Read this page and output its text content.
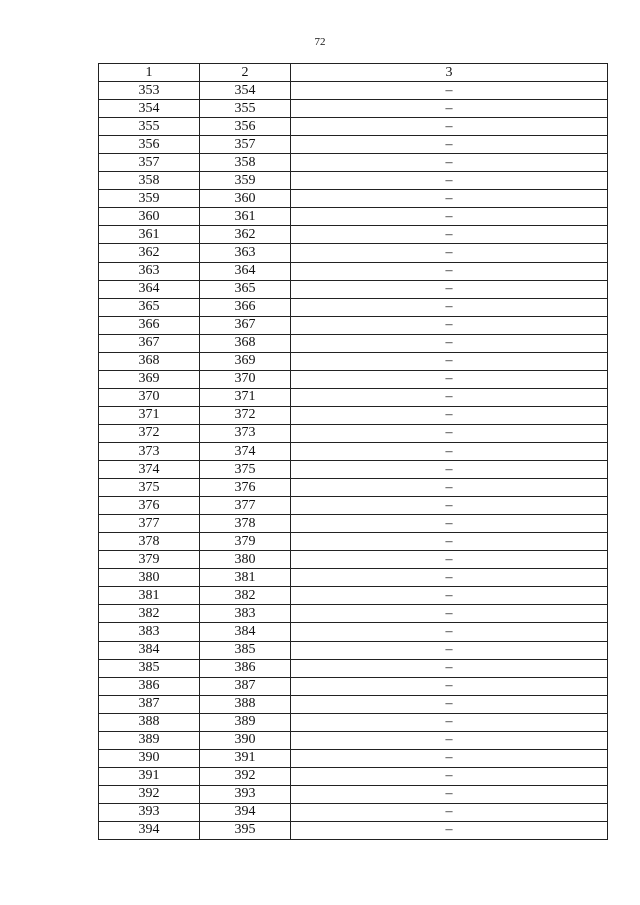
72
1	2	3
353	354	–
354	355	–
355	356	–
356	357	–
357	358	–
358	359	–
359	360	–
360	361	–
361	362	–
362	363	–
363	364	–
364	365	–
365	366	–
366	367	–
367	368	–
368	369	–
369	370	–
370	371	–
371	372	–
372	373	–
373	374	–
374	375	–
375	376	–
376	377	–
377	378	–
378	379	–
379	380	–
380	381	–
381	382	–
382	383	–
383	384	–
384	385	–
385	386	–
386	387	–
387	388	–
388	389	–
389	390	–
390	391	–
391	392	–
392	393	–
393	394	–
394	395	–
